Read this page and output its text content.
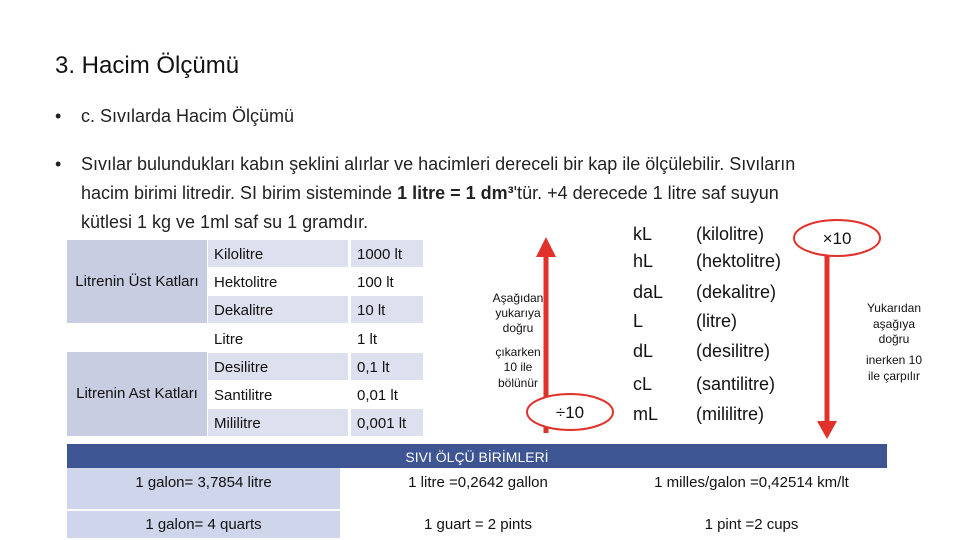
3. Hacim Ölçümü
• c. Sıvılarda Hacim Ölçümü
• Sıvılar bulundukları kabın şeklini alırlar ve hacimleri dereceli bir kap ile ölçülebilir. Sıvıların
hacim birimi litredir. SI birim sisteminde 1 litre = 1 dm³'tür. +4 derecede 1 litre saf suyun
kütlesi 1 kg ve 1ml saf su 1 gramdır.
Litrenin Üst Katları
Litrenin Ast Katları
Kilolitre	1000 lt
Hektolitre	100 lt
Dekalitre	10 lt
Litre	1 lt
Desilitre	0,1 lt
Santilitre	0,01 lt
Mililitre	0,001 lt
Aşağıdan
yukarıya
doğru
çıkarken
10 ile
bölünür
Yukarıdan
aşağıya
doğru
inerken 10
ile çarpılır
÷10
×10
kL (kilolitre)
hL (hektolitre)
daL (dekalitre)
L	(litre)
dL (desilitre)
cL (santilitre)
mL (mililitre)
SIVI ÖLÇÜ BİRİMLERİ
1 galon= 3,7854 litre	1 litre =0,2642 gallon	1 milles/galon =0,42514 km/lt
1 galon= 4 quarts	1 guart = 2 pints	1 pint =2 cups
